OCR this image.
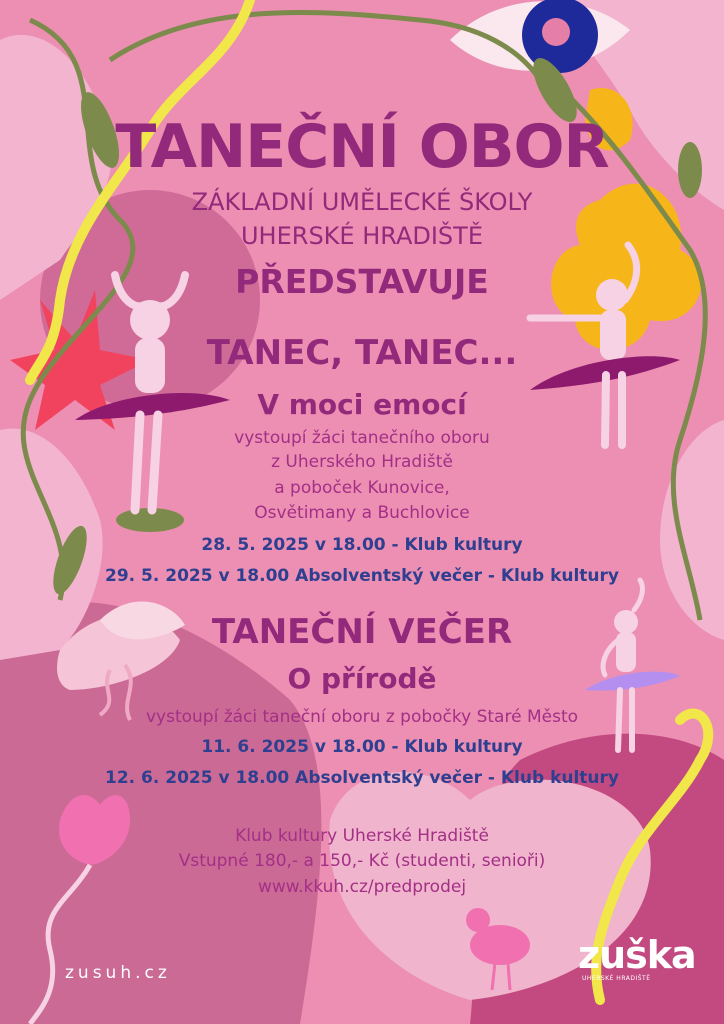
TANEČNÍ OBOR

ZÁKLADNÍ UMĚLECKÉ ŠKOLY

UHERSKÉ HRADIŠTĚ

PŘEDSTAVUJE

TANEC, TANEC...

V moci emocí

vystoupí žáci tanečního oboru

z Uherského Hradiště

a poboček Kunovice,

Osvětimany a Buchlovice

28. 5. 2025 v 18.00 - Klub kultury

29. 5. 2025 v 18.00 Absolventský večer - Klub kultury

TANEČNÍ VEČER

O přírodě

vystoupí žáci taneční oboru z pobočky Staré Město

11. 6. 2025 v 18.00 - Klub kultury

12. 6. 2025 v 18.00 Absolventský večer - Klub kultury

Klub kultury Uherské Hradiště

Vstupné 180,- a 150,- Kč (studenti, senioři)

www.kkuh.cz/predprodej

zusuh.cz	zuška
UHERSKÉ HRADIŠTĚ
